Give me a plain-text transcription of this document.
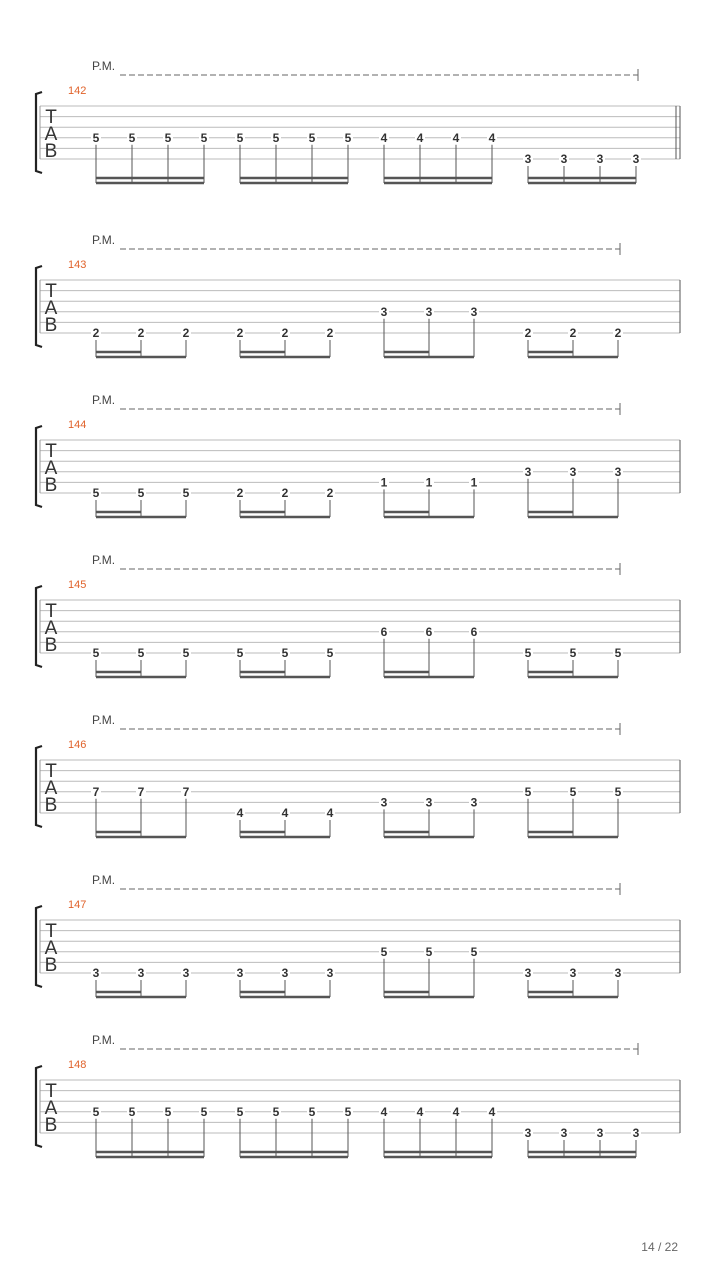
P.M.
142
T
A
B
5 5 5 5 5 5 5 5 4 4 4 4
3 3 3 3
P.M.
143
T
A
B	2	2	2	2	2	2
3	3	3
2	2	2
P.M.
144
T
A
B	5	5	5	2	2	2
1	1	1
3	3	3
P.M.
145
T
A
B	5	5	5	5	5	5
6	6	6
5	5	5
P.M.
146
T
A
B
7	7	7
4	4	4
3	3	3
5	5	5
P.M.
147
T
A
B	3	3	3	3	3	3
5	5	5
3	3	3
P.M.
148
T
A
B
5 5 5 5 5 5 5 5 4 4 4 4
3 3 3 3
14 / 22
